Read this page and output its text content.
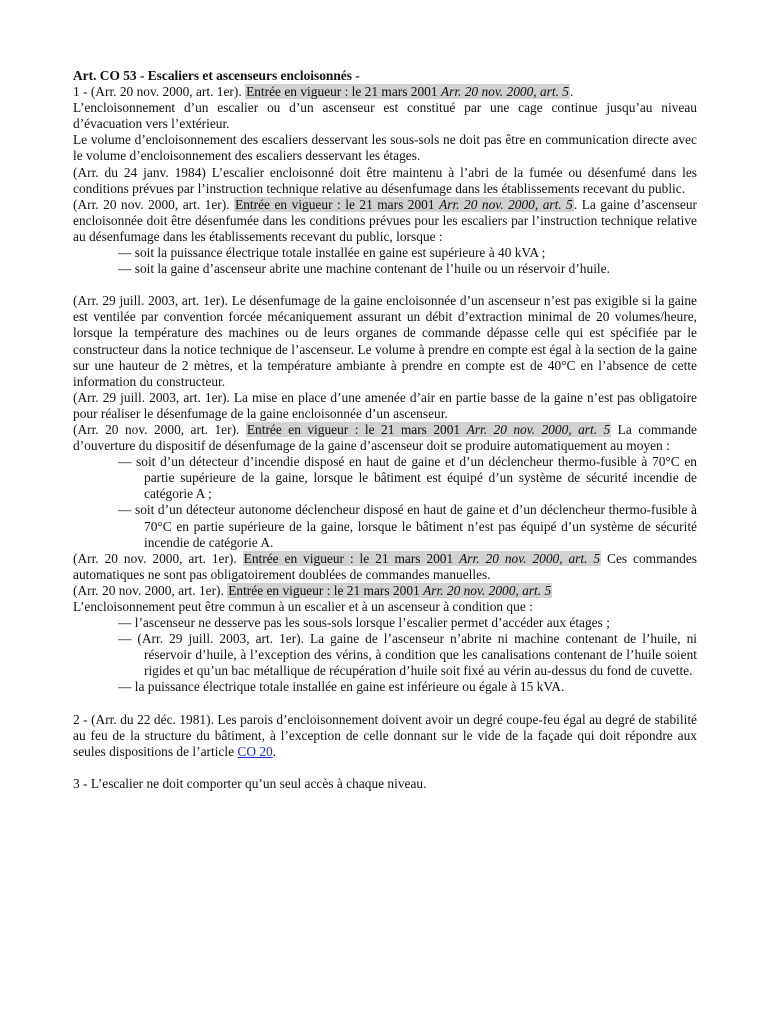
Art. CO 53 - Escaliers et ascenseurs encloisonnés -

1 - (Arr. 20 nov. 2000, art. 1er). Entrée en vigueur : le 21 mars 2001 Arr. 20 nov. 2000, art. 5.

L’encloisonnement d’un escalier ou d’un ascenseur est constitué par une cage continue jusqu’au niveau d’évacuation vers l’extérieur.

Le volume d’encloisonnement des escaliers desservant les sous-sols ne doit pas être en communication directe avec le volume d’encloisonnement des escaliers desservant les étages.

(Arr. du 24 janv. 1984) L’escalier encloisonné doit être maintenu à l’abri de la fumée ou désenfumé dans les conditions prévues par l’instruction technique relative au désenfumage dans les établissements recevant du public.

(Arr. 20 nov. 2000, art. 1er). Entrée en vigueur : le 21 mars 2001 Arr. 20 nov. 2000, art. 5. La gaine d’ascenseur encloisonnée doit être désenfumée dans les conditions prévues pour les escaliers par l’instruction technique relative au désenfumage dans les établissements recevant du public, lorsque :

— soit la puissance électrique totale installée en gaine est supérieure à 40 kVA ;
— soit la gaine d’ascenseur abrite une machine contenant de l’huile ou un réservoir d’huile.

(Arr. 29 juill. 2003, art. 1er). Le désenfumage de la gaine encloisonnée d’un ascenseur n’est pas exigible si la gaine est ventilée par convention forcée mécaniquement assurant un débit d’extraction minimal de 20 volumes/heure, lorsque la température des machines ou de leurs organes de commande dépasse celle qui est spécifiée par le constructeur dans la notice technique de l’ascenseur. Le volume à prendre en compte est égal à la section de la gaine sur une hauteur de 2 mètres, et la température ambiante à prendre en compte est de 40°C en l’absence de cette information du constructeur.

(Arr. 29 juill. 2003, art. 1er). La mise en place d’une amenée d’air en partie basse de la gaine n’est pas obligatoire pour réaliser le désenfumage de la gaine encloisonnée d’un ascenseur.

(Arr. 20 nov. 2000, art. 1er). Entrée en vigueur : le 21 mars 2001 Arr. 20 nov. 2000, art. 5 La commande d’ouverture du dispositif de désenfumage de la gaine d’ascenseur doit se produire automatiquement au moyen :

— soit d’un détecteur d’incendie disposé en haut de gaine et d’un déclencheur thermo-fusible à 70°C en partie supérieure de la gaine, lorsque le bâtiment est équipé d’un système de sécurité incendie de catégorie A ;
— soit d’un détecteur autonome déclencheur disposé en haut de gaine et d’un déclencheur thermo-fusible à 70°C en partie supérieure de la gaine, lorsque le bâtiment n’est pas équipé d’un système de sécurité incendie de catégorie A.

(Arr. 20 nov. 2000, art. 1er). Entrée en vigueur : le 21 mars 2001 Arr. 20 nov. 2000, art. 5 Ces commandes automatiques ne sont pas obligatoirement doublées de commandes manuelles.

(Arr. 20 nov. 2000, art. 1er). Entrée en vigueur : le 21 mars 2001 Arr. 20 nov. 2000, art. 5

L’encloisonnement peut être commun à un escalier et à un ascenseur à condition que :

— l’ascenseur ne desserve pas les sous-sols lorsque l’escalier permet d’accéder aux étages ;
— (Arr. 29 juill. 2003, art. 1er). La gaine de l’ascenseur n’abrite ni machine contenant de l’huile, ni réservoir d’huile, à l’exception des vérins, à condition que les canalisations contenant de l’huile soient rigides et qu’un bac métallique de récupération d’huile soit fixé au vérin au-dessus du fond de cuvette.
— la puissance électrique totale installée en gaine est inférieure ou égale à 15 kVA.

2 - (Arr. du 22 déc. 1981). Les parois d’encloisonnement doivent avoir un degré coupe-feu égal au degré de stabilité au feu de la structure du bâtiment, à l’exception de celle donnant sur le vide de la façade qui doit répondre aux seules dispositions de l’article CO 20.

3 - L’escalier ne doit comporter qu’un seul accès à chaque niveau.
